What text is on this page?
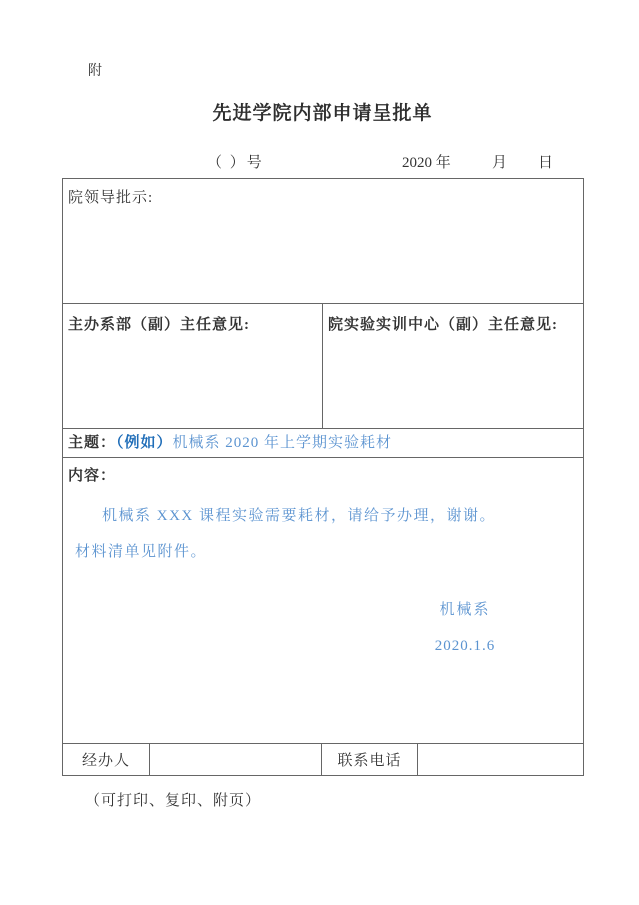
附
先进学院内部申请呈批单
（ ）号	2020 年	月 日
院领导批示:
主办系部（副）主任意见:	院实验实训中心（副）主任意见:
主题：（例如）机械系 2020 年上学期实验耗材
内容：
机械系 XXX 课程实验需要耗材，请给予办理，谢谢。
材料清单见附件。
机械系
2020.1.6
经办人	联系电话
（可打印、复印、附页）
